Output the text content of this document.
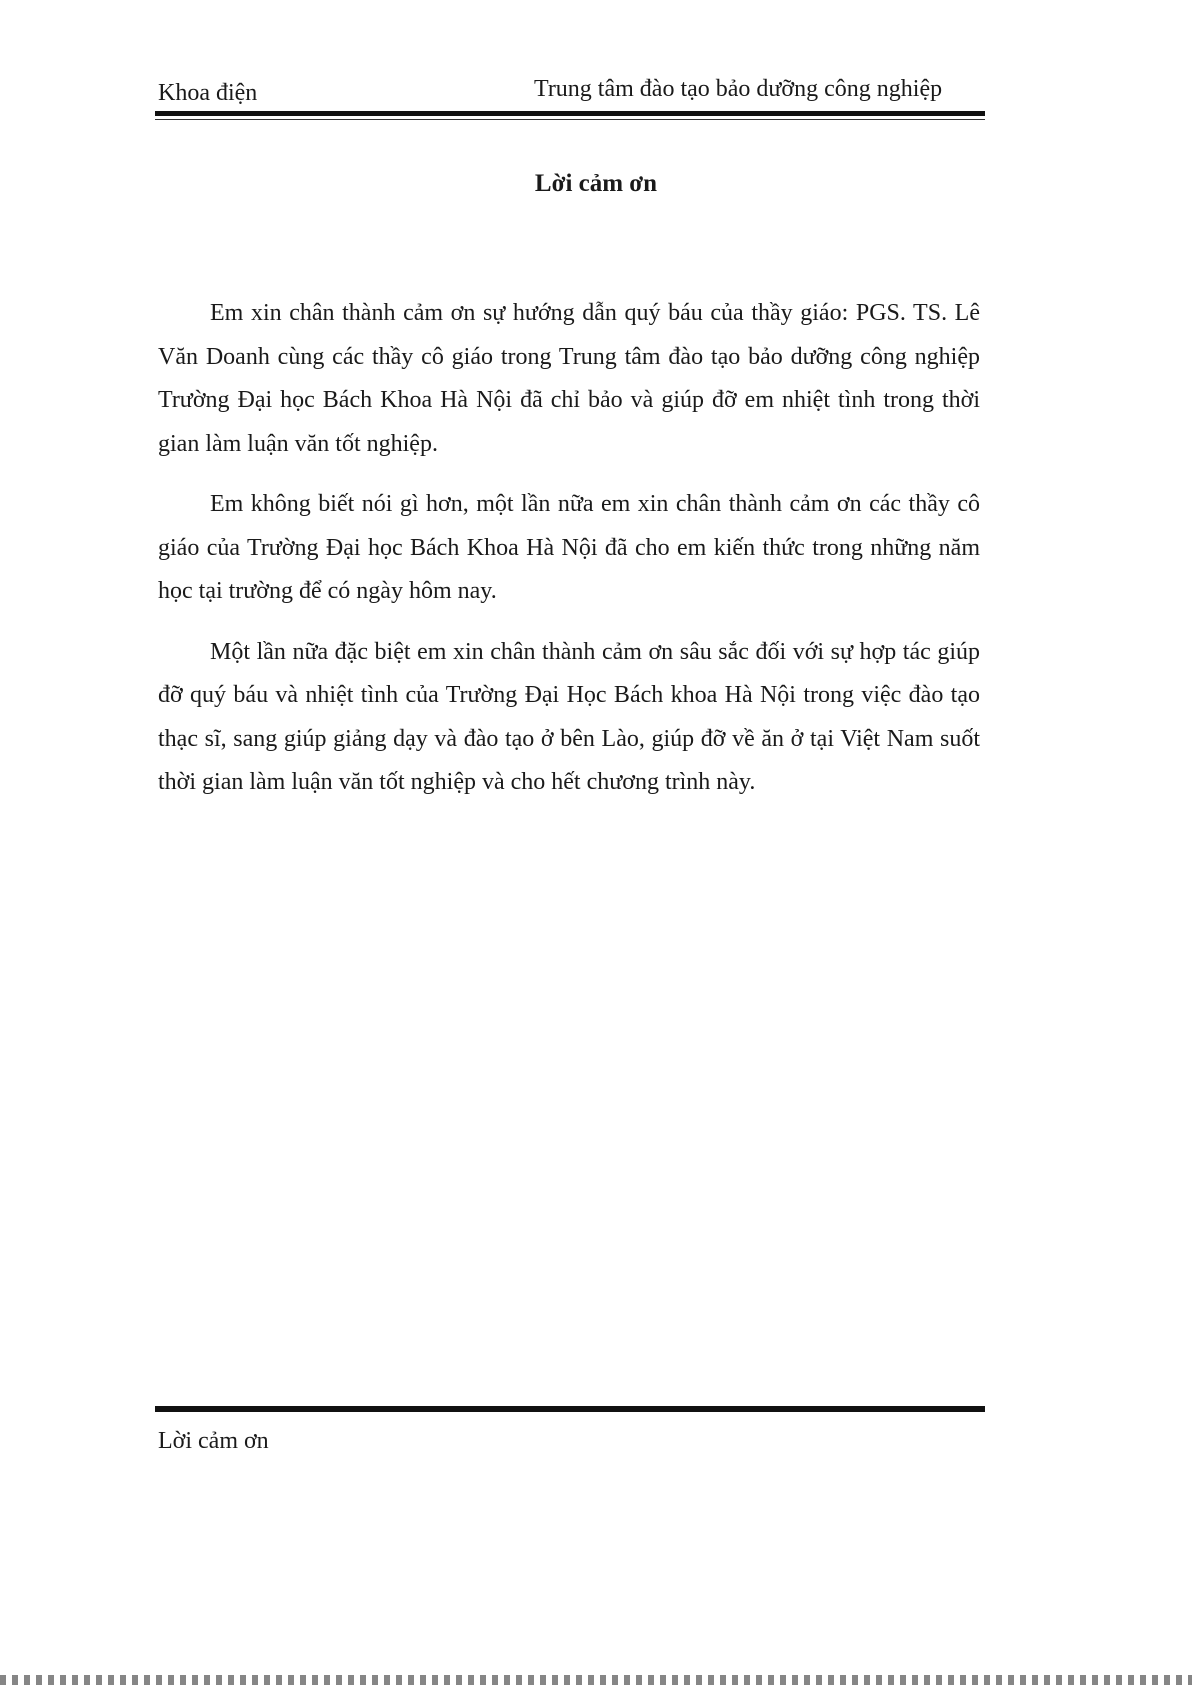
Khoa điện	Trung tâm đào tạo bảo dưỡng công nghiệp
Lời cảm ơn

Em xin chân thành cảm ơn sự hướng dẫn quý báu của thầy giáo: PGS. TS. Lê Văn Doanh cùng các thầy cô giáo trong Trung tâm đào tạo bảo dưỡng công nghiệp Trường Đại học Bách Khoa Hà Nội đã chỉ bảo và giúp đỡ em nhiệt tình trong thời gian làm luận văn tốt nghiệp.

Em không biết nói gì hơn, một lần nữa em xin chân thành cảm ơn các thầy cô giáo của Trường Đại học Bách Khoa Hà Nội đã cho em kiến thức trong những năm học tại trường để có ngày hôm nay.

Một lần nữa đặc biệt em xin chân thành cảm ơn sâu sắc đối với sự hợp tác giúp đỡ quý báu và nhiệt tình của Trường Đại Học Bách khoa Hà Nội trong việc đào tạo thạc sĩ, sang giúp giảng dạy và đào tạo ở bên Lào, giúp đỡ về ăn ở tại Việt Nam suốt thời gian làm luận văn tốt nghiệp và cho hết chương trình này.

Lời cảm ơn
